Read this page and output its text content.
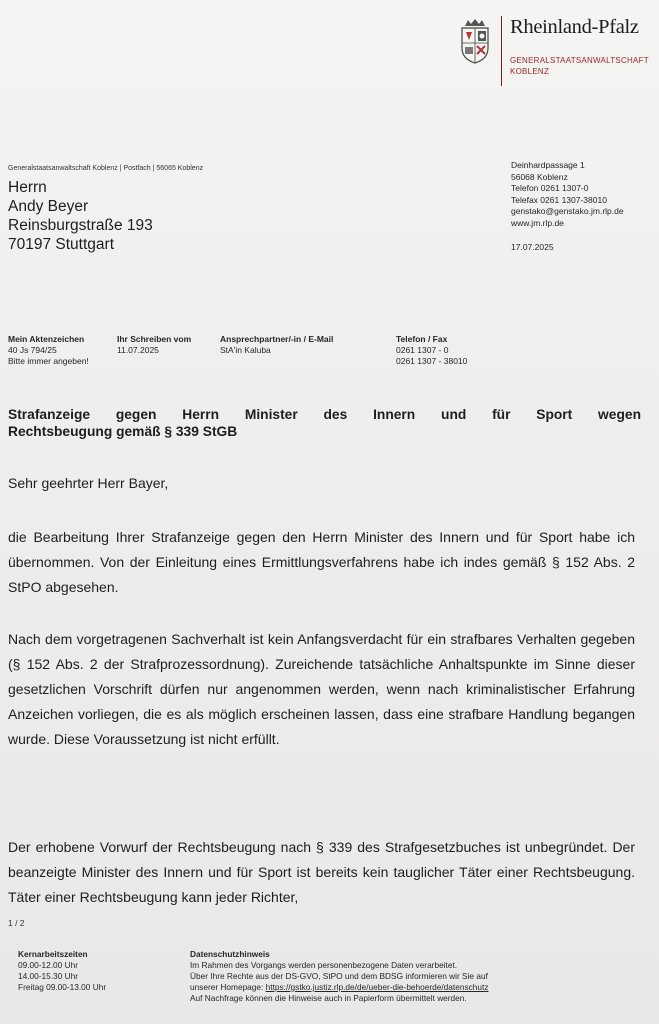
Rheinland-Pfalz
GENERALSTAATSANWALTSCHAFT
KOBLENZ
Generalstaatsanwaltschaft Koblenz | Postfach | 56065 Koblenz
Herrn
Andy Beyer
Reinsburgstraße 193
70197 Stuttgart
Deinhardpassage 1
56068 Koblenz
Telefon 0261 1307-0
Telefax 0261 1307-38010
genstako@genstako.jm.rlp.de
www.jm.rlp.de
17.07.2025
Mein Aktenzeichen
40 Js 794/25
Bitte immer angeben!
Ihr Schreiben vom
11.07.2025
Ansprechpartner/-in / E-Mail
StA'in Kaluba
Telefon / Fax
0261 1307 - 0
0261 1307 - 38010
Strafanzeige gegen Herrn Minister des Innern und für Sport wegen
Rechtsbeugung gemäß § 339 StGB
Sehr geehrter Herr Bayer,
die Bearbeitung Ihrer Strafanzeige gegen den Herrn Minister des Innern und für Sport habe ich übernommen. Von der Einleitung eines Ermittlungsverfahrens habe ich indes gemäß § 152 Abs. 2 StPO abgesehen.
Nach dem vorgetragenen Sachverhalt ist kein Anfangsverdacht für ein strafbares Verhalten gegeben (§ 152 Abs. 2 der Strafprozessordnung). Zureichende tatsächliche Anhaltspunkte im Sinne dieser gesetzlichen Vorschrift dürfen nur angenommen werden, wenn nach kriminalistischer Erfahrung Anzeichen vorliegen, die es als möglich erscheinen lassen, dass eine strafbare Handlung begangen wurde. Diese Voraussetzung ist nicht erfüllt.
Der erhobene Vorwurf der Rechtsbeugung nach § 339 des Strafgesetzbuches ist unbegründet. Der beanzeigte Minister des Innern und für Sport ist bereits kein tauglicher Täter einer Rechtsbeugung. Täter einer Rechtsbeugung kann jeder Richter,
1 / 2
Kernarbeitszeiten
09.00-12.00 Uhr
14.00-15.30 Uhr
Freitag 09.00-13.00 Uhr
Datenschutzhinweis
Im Rahmen des Vorgangs werden personenbezogene Daten verarbeitet.
Über Ihre Rechte aus der DS-GVO, StPO und dem BDSG informieren wir Sie auf
unserer Homepage: https://gstko.justiz.rlp.de/de/ueber-die-behoerde/datenschutz
Auf Nachfrage können die Hinweise auch in Papierform übermittelt werden.
